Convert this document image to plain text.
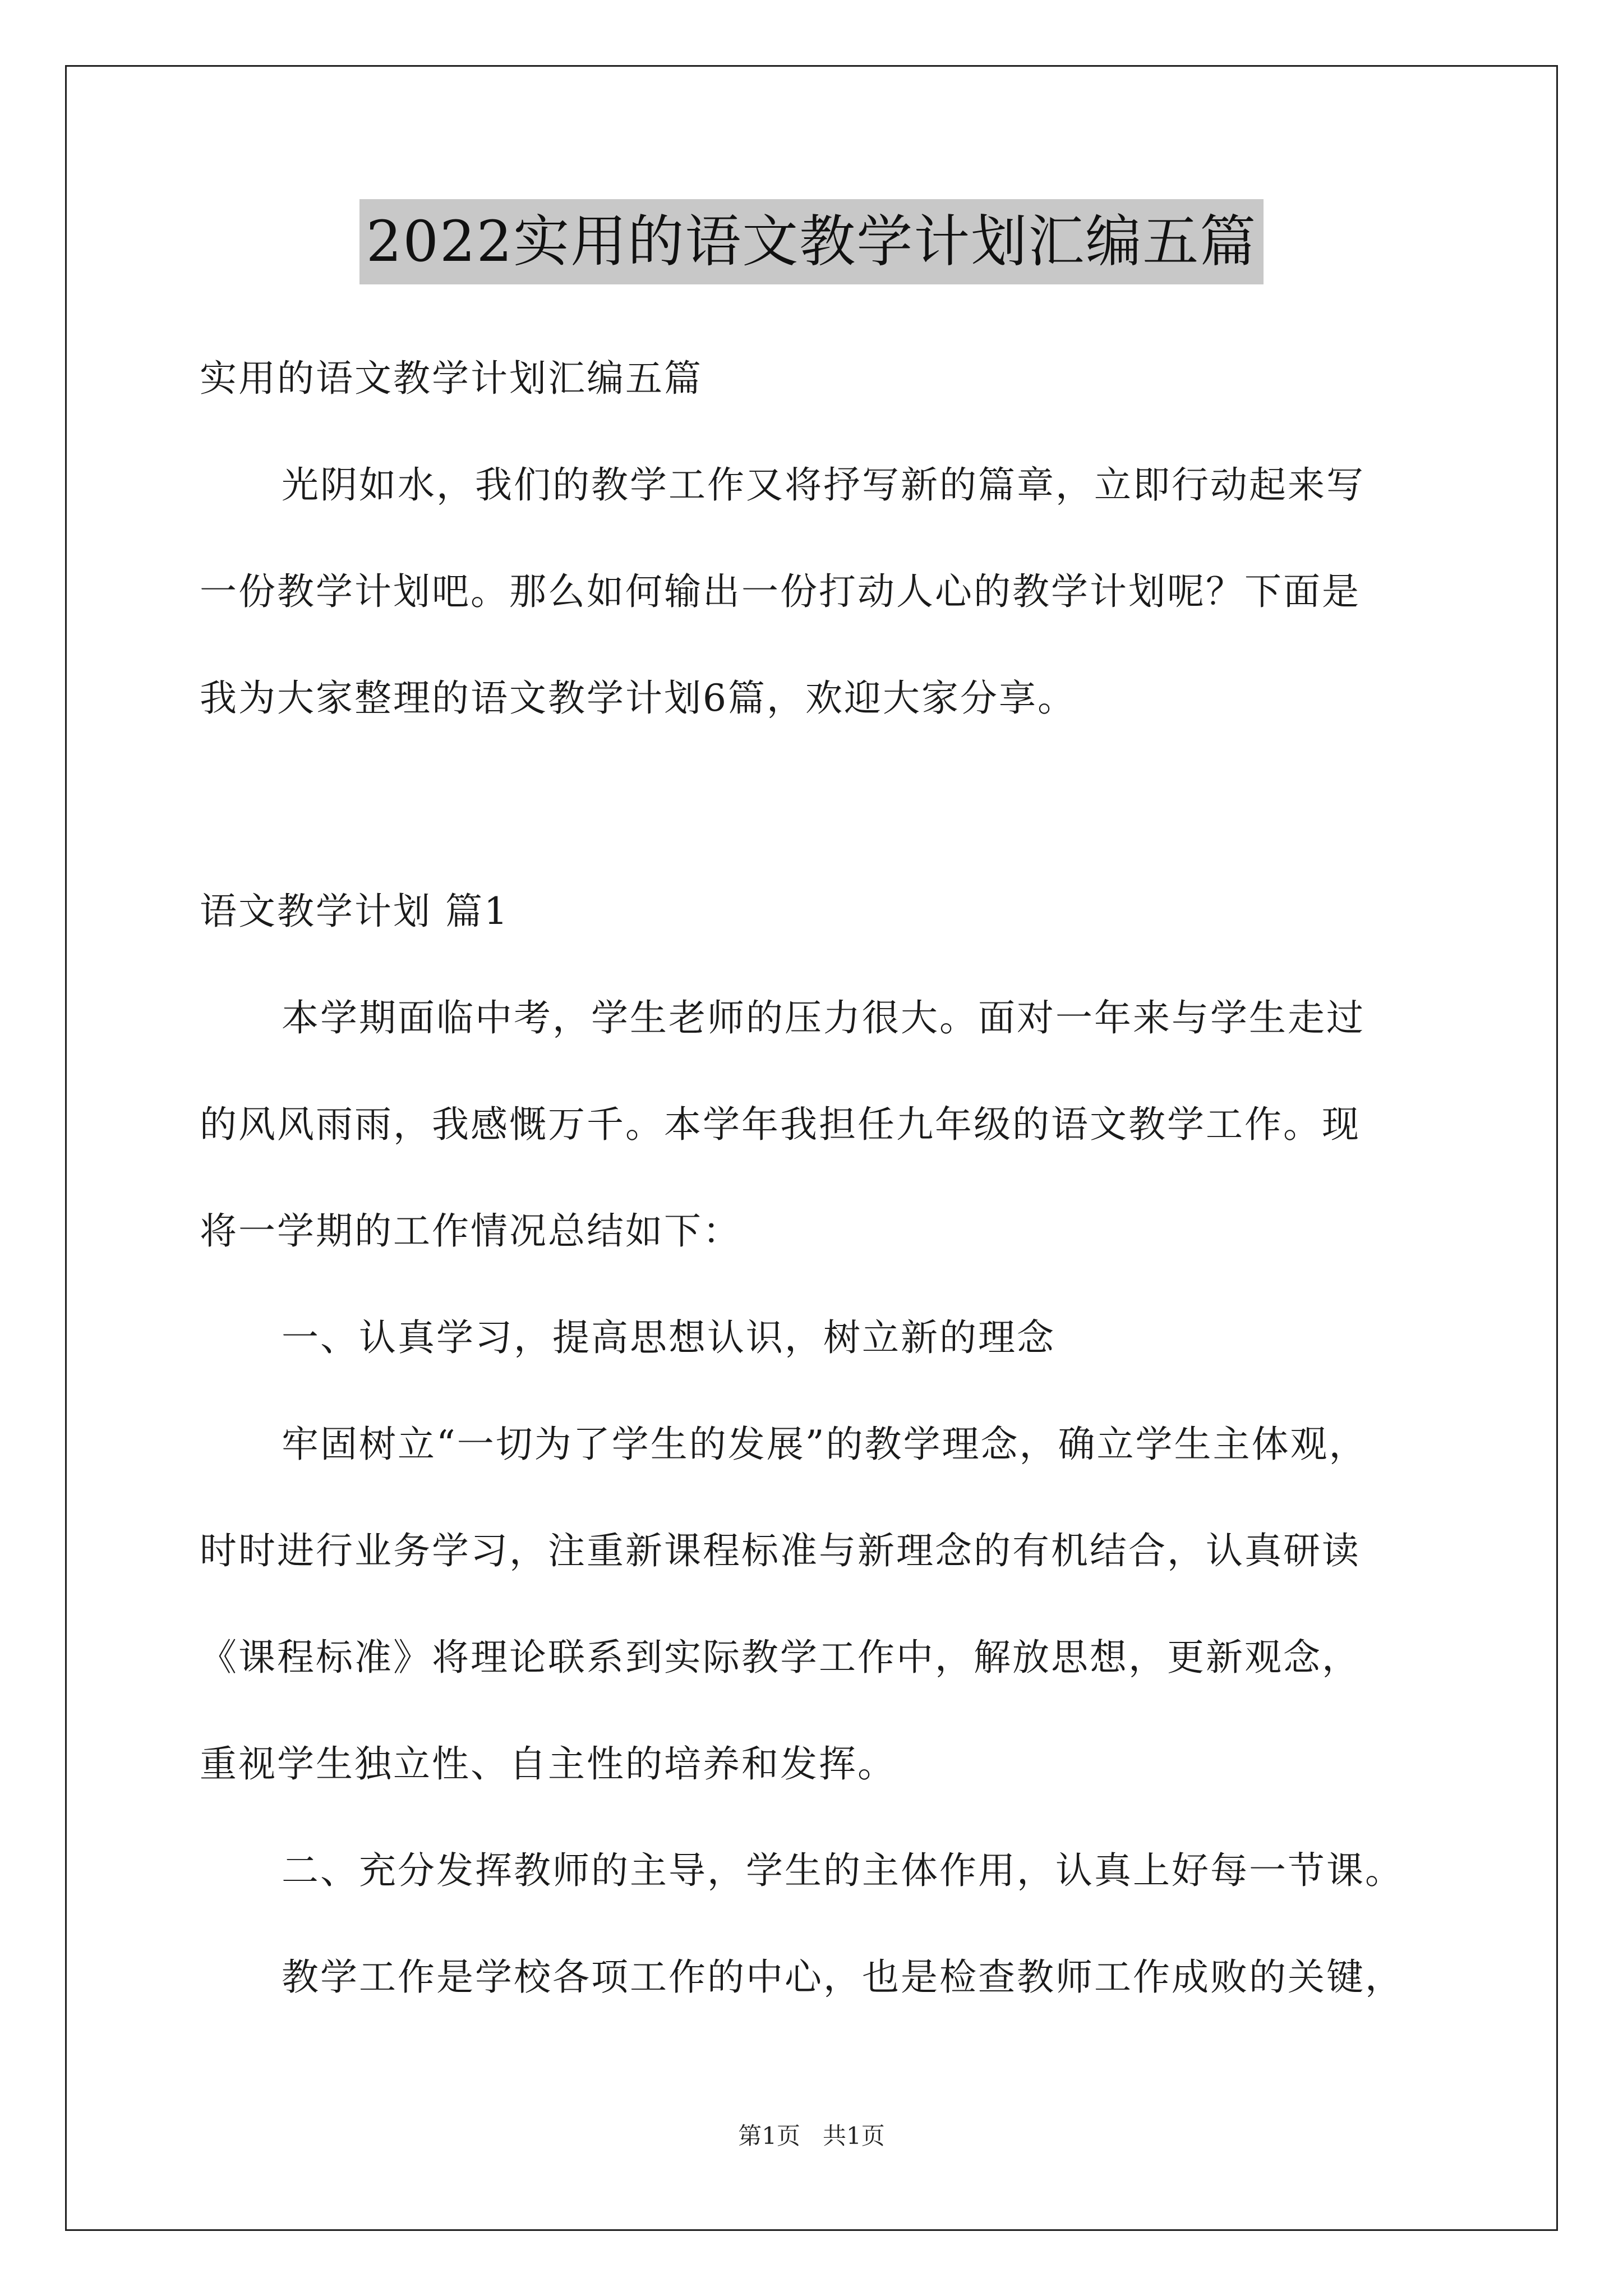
2022实用的语文教学计划汇编五篇
实用的语文教学计划汇编五篇
光阴如水，我们的教学工作又将抒写新的篇章，立即行动起来写
一份教学计划吧。那么如何输出一份打动人心的教学计划呢？下面是
我为大家整理的语文教学计划6篇，欢迎大家分享。
语文教学计划 篇1
本学期面临中考，学生老师的压力很大。面对一年来与学生走过
的风风雨雨，我感慨万千。本学年我担任九年级的语文教学工作。现
将一学期的工作情况总结如下：
一、认真学习，提高思想认识，树立新的理念
牢固树立“一切为了学生的发展”的教学理念，确立学生主体观，
时时进行业务学习，注重新课程标准与新理念的有机结合，认真研读
《课程标准》将理论联系到实际教学工作中，解放思想，更新观念，
重视学生独立性、自主性的培养和发挥。
二、充分发挥教师的主导，学生的主体作用，认真上好每一节课。
教学工作是学校各项工作的中心，也是检查教师工作成败的关键，
第1页 共1页
